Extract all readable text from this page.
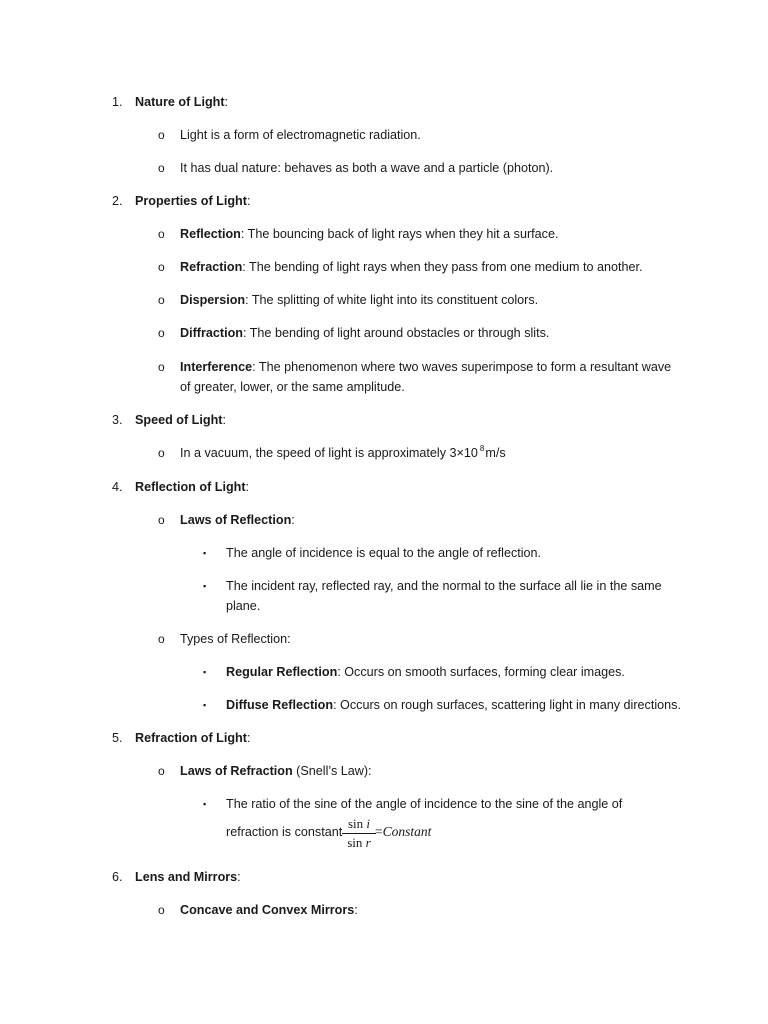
1. Nature of Light:
o Light is a form of electromagnetic radiation.
o It has dual nature: behaves as both a wave and a particle (photon).
2. Properties of Light:
o Reflection: The bouncing back of light rays when they hit a surface.
o Refraction: The bending of light rays when they pass from one medium to another.
o Dispersion: The splitting of white light into its constituent colors.
o Diffraction: The bending of light around obstacles or through slits.
o Interference: The phenomenon where two waves superimpose to form a resultant wave
of greater, lower, or the same amplitude.
3. Speed of Light:
o In a vacuum, the speed of light is approximately 3×10 $^8$m/s
4. Reflection of Light:
o Laws of Reflection:
▪ The angle of incidence is equal to the angle of reflection.
▪ The incident ray, reflected ray, and the normal to the surface all lie in the same
plane.
o Types of Reflection:
▪ Regular Reflection: Occurs on smooth surfaces, forming clear images.
▪ Diffuse Reflection: Occurs on rough surfaces, scattering light in many directions.
5. Refraction of Light:
o Laws of Refraction (Snell’s Law):
▪ The ratio of the sine of the angle of incidence to the sine of the angle of
refraction is constant
sin i
sin r
=Constant
6. Lens and Mirrors:
o Concave and Convex Mirrors:
